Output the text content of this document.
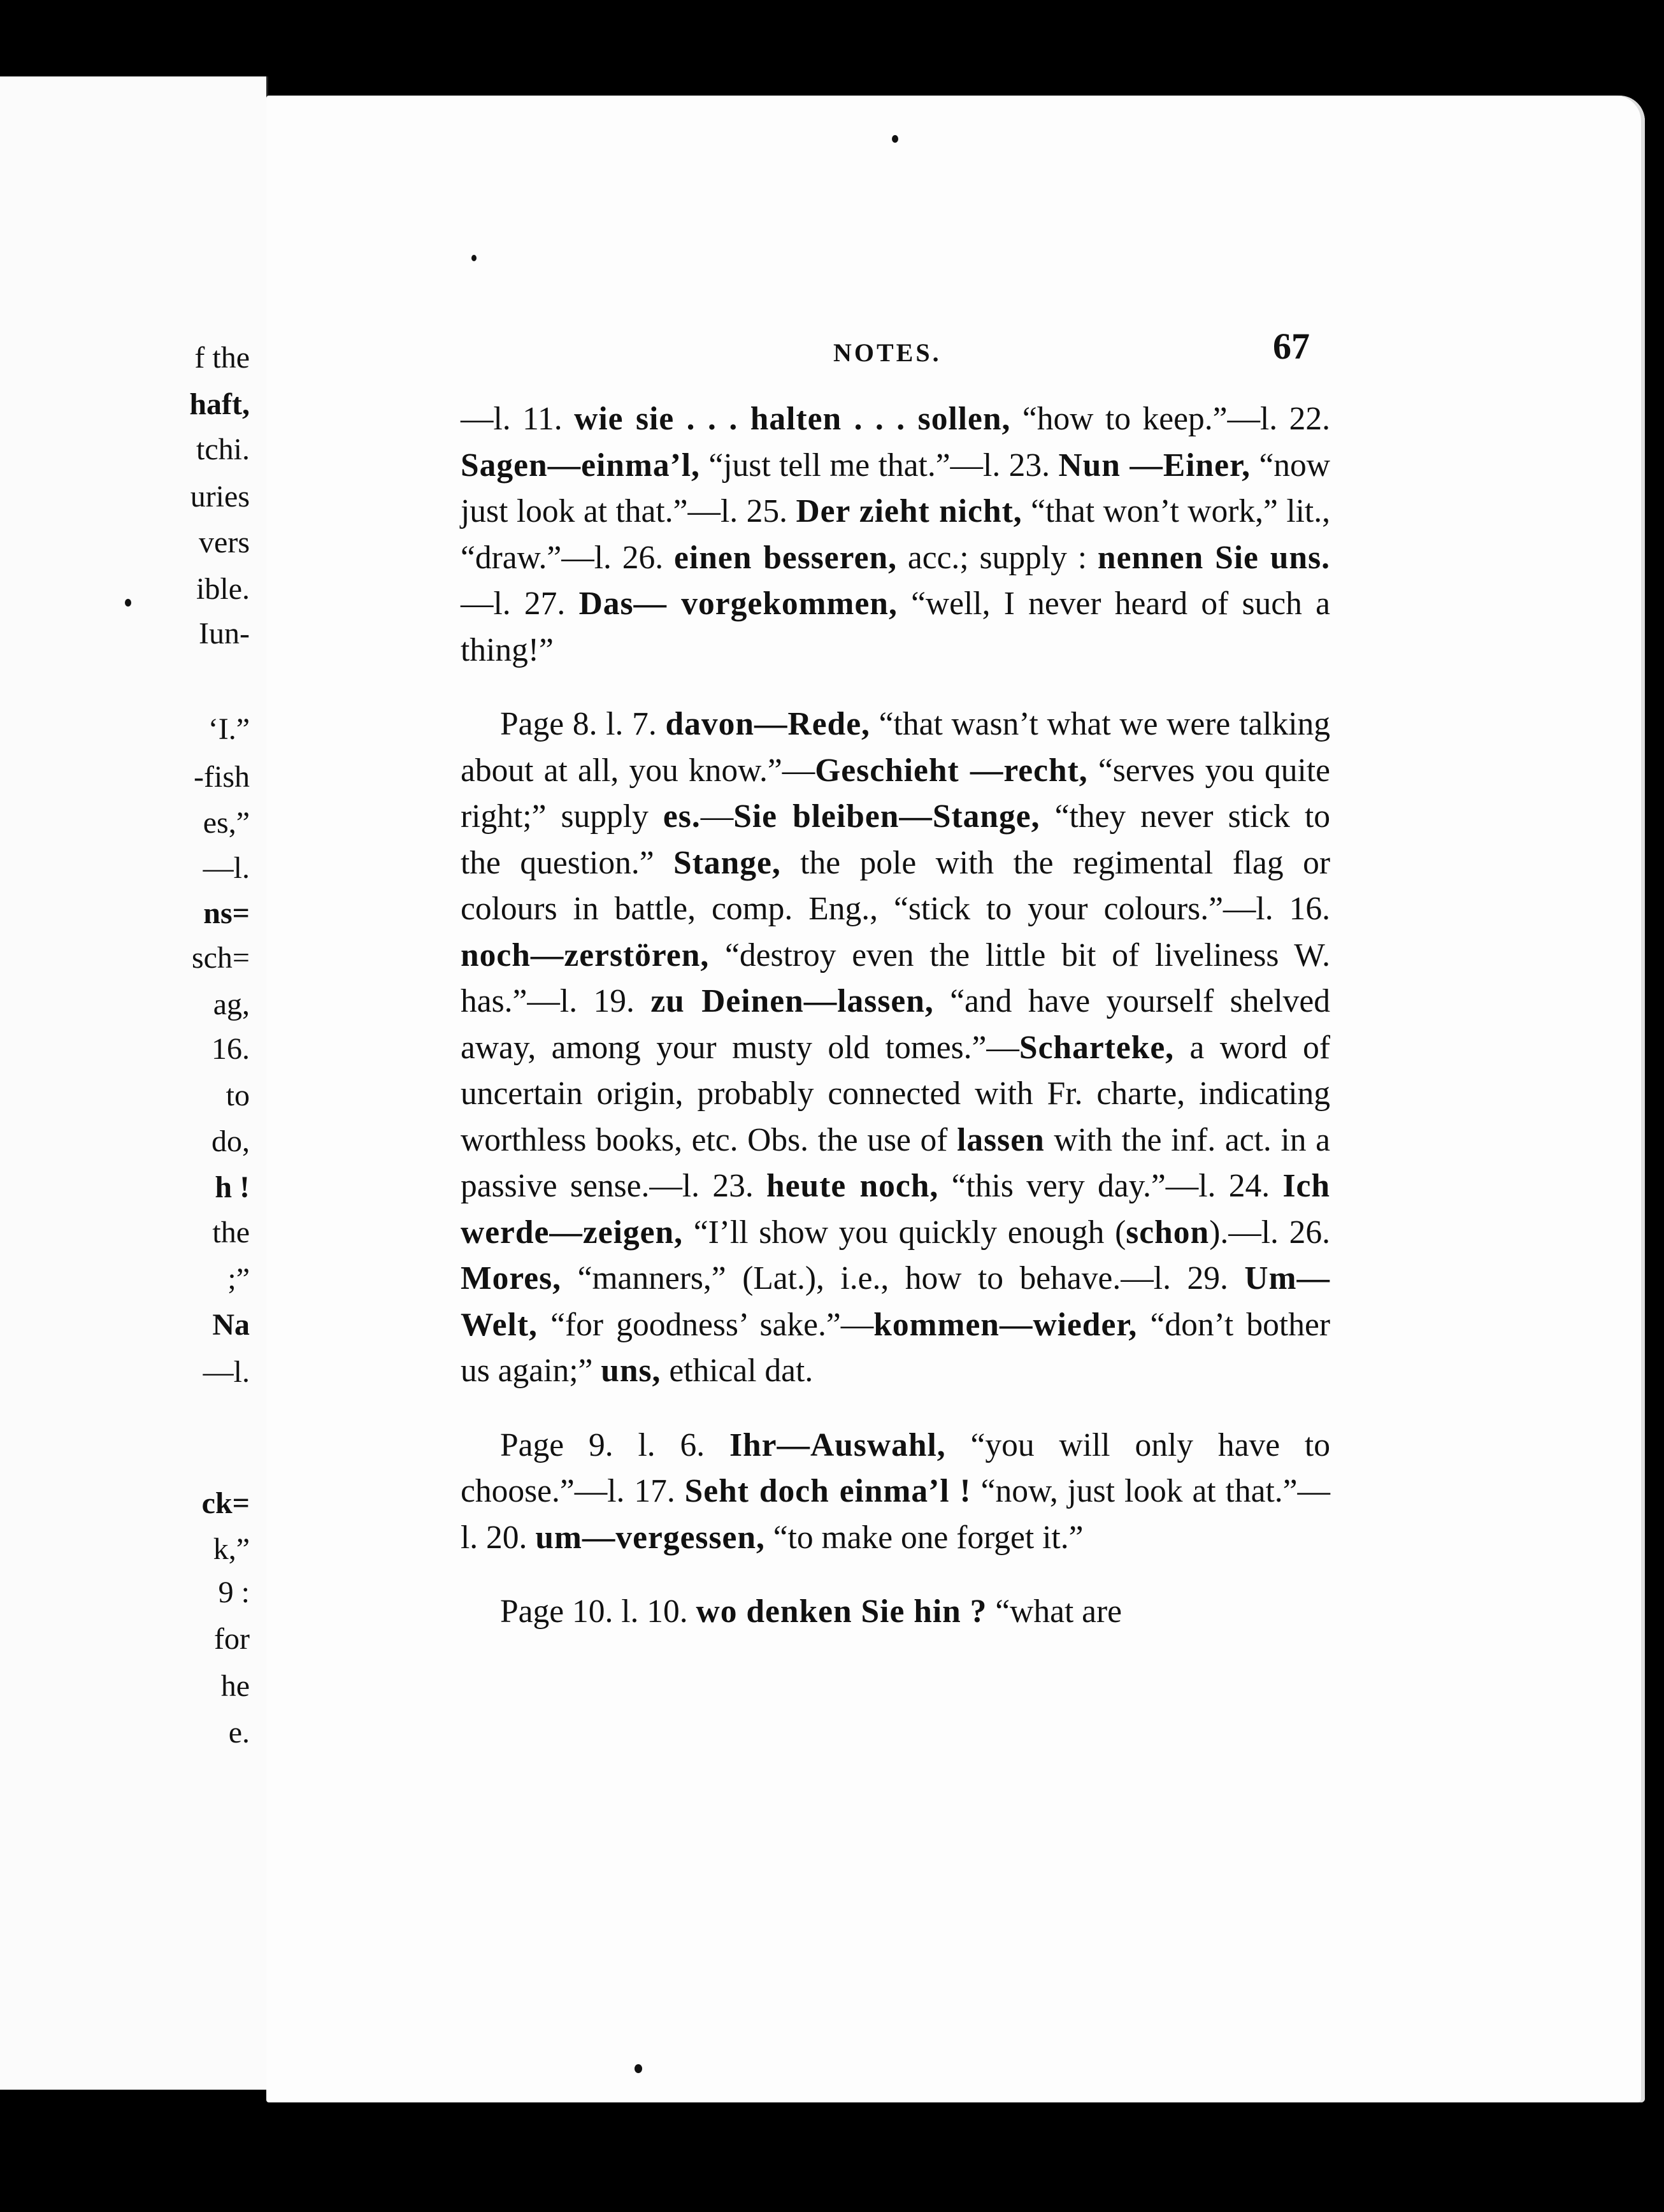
f the
haft,
tchi.
uries
vers
ible.
Iun-
‘I.”
-fish
es,”
—l.
ns=
sch=
ag,
16.
to
do,
h !
the
;”
Na
—l.
ck=
k,”
9 :
for
he
e.
NOTES.	67

—l. 11. wie sie . . . halten . . . sollen, “how to keep.”—l. 22. Sagen—einma’l, “just tell me that.”—l. 23. Nun —Einer, “now just look at that.”—l. 25. Der zieht nicht, “that won’t work,” lit., “draw.”—l. 26. einen besseren, acc.; supply : nennen Sie uns.—l. 27. Das— vorgekommen, “well, I never heard of such a thing!”

Page 8. l. 7. davon—Rede, “that wasn’t what we were talking about at all, you know.”—Geschieht —recht, “serves you quite right;” supply es.—Sie bleiben—Stange, “they never stick to the question.” Stange, the pole with the regimental flag or colours in battle, comp. Eng., “stick to your colours.”—l. 16. noch—zerstören, “destroy even the little bit of liveliness W. has.”—l. 19. zu Deinen—lassen, “and have yourself shelved away, among your musty old tomes.”—Scharteke, a word of uncertain origin, probably connected with Fr. charte, indicating worthless books, etc. Obs. the use of lassen with the inf. act. in a passive sense.—l. 23. heute noch, “this very day.”—l. 24. Ich werde—zeigen, “I’ll show you quickly enough (schon).—l. 26. Mores, “manners,” (Lat.), i.e., how to behave.—l. 29. Um—Welt, “for goodness’ sake.”—kommen—wieder, “don’t bother us again;” uns, ethical dat.

Page 9. l. 6. Ihr—Auswahl, “you will only have to choose.”—l. 17. Seht doch einma’l ! “now, just look at that.”—l. 20. um—vergessen, “to make one forget it.”

Page 10. l. 10. wo denken Sie hin ? “what are
